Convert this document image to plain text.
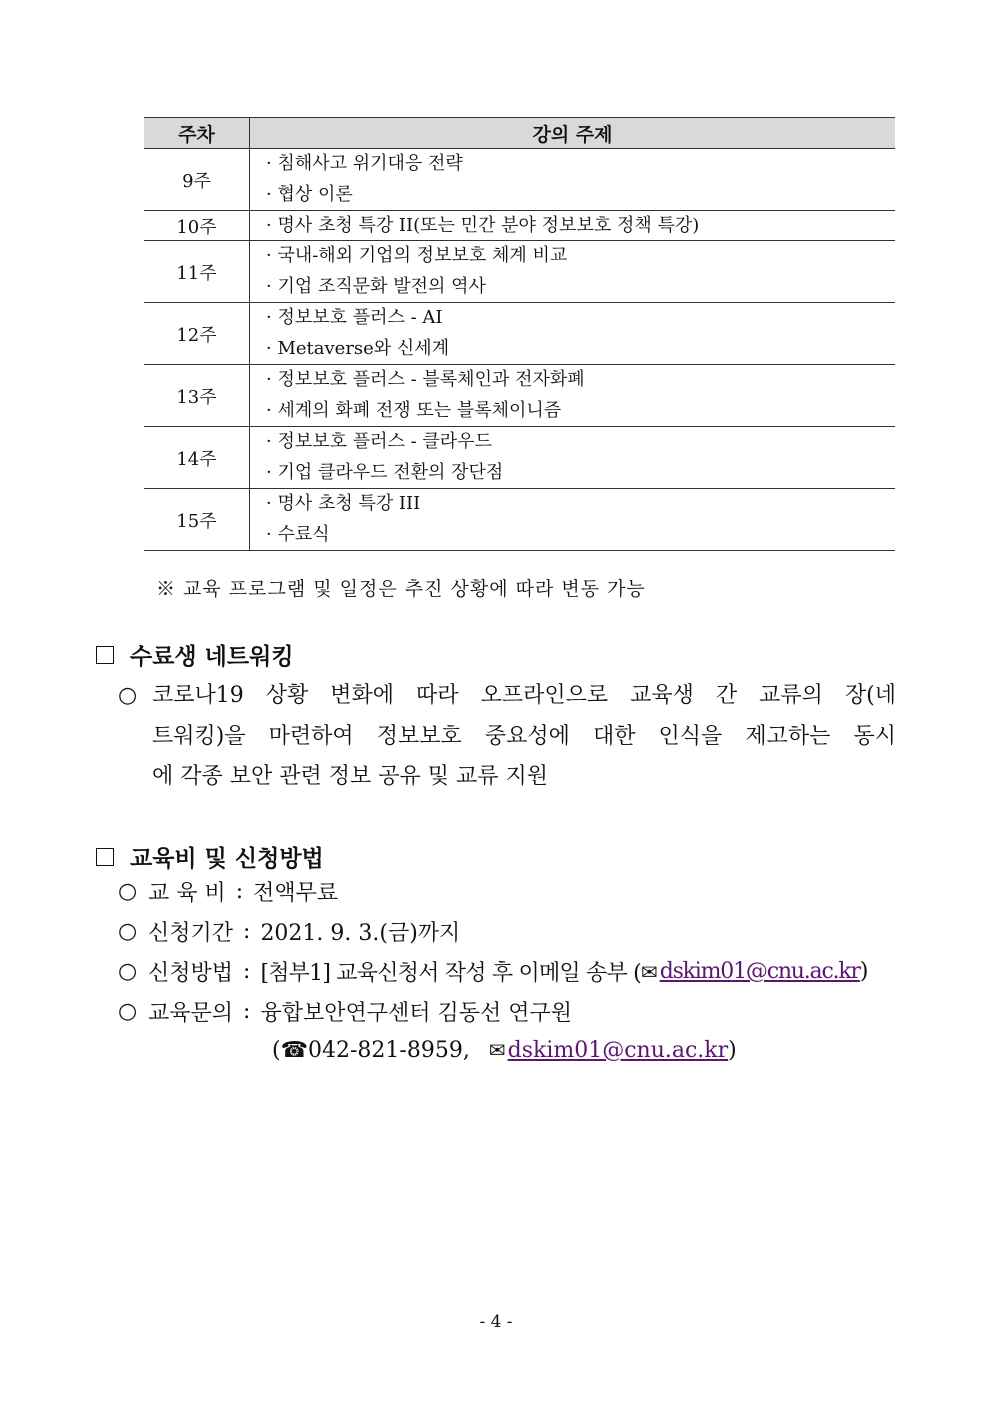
주차	강의 주제
9주	· 침해사고 위기대응 전략
· 협상 이론

10주	· 명사 초청 특강 II(또는 민간 분야 정보보호 정책 특강)

11주	· 국내-해외 기업의 정보보호 체계 비교
· 기업 조직문화 발전의 역사

12주	· 정보보호 플러스 - AI
· Metaverse와 신세계

13주	· 정보보호 플러스 - 블록체인과 전자화폐
· 세계의 화폐 전쟁 또는 블록체이니즘

14주	· 정보보호 플러스 - 클라우드
· 기업 클라우드 전환의 장단점

15주	· 명사 초청 특강 III
· 수료식
※ 교육 프로그램 및 일정은 추진 상황에 따라 변동 가능
수료생 네트워킹
○ 코로나19 상황 변화에 따라 오프라인으로 교육생 간 교류의 장(네
트워킹)을 마련하여 정보보호 중요성에 대한 인식을 제고하는 동시
에 각종 보안 관련 정보 공유 및 교류 지원
교육비 및 신청방법
○ 교 육 비 : 전액무료
○ 신청기간 : 2021. 9. 3.(금)까지
○ 신청방법 : [첨부1] 교육신청서 작성 후 이메일 송부 ( ✉ dskim01@cnu.ac.kr )
○ 교육문의 : 융합보안연구센터 김동선 연구원
(☎042-821-8959, ✉dskim01@cnu.ac.kr)
- 4 -
